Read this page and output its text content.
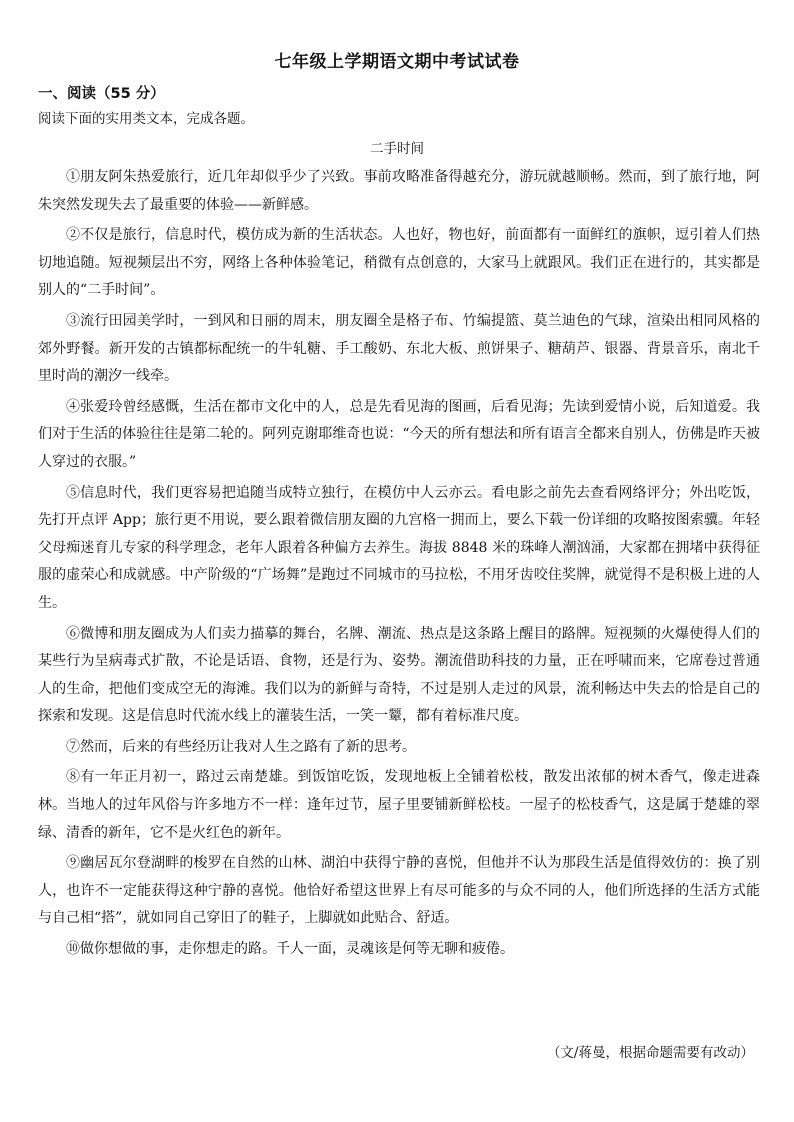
七年级上学期语文期中考试试卷
一、阅读（55 分）
阅读下面的实用类文本，完成各题。
二手时间

①朋友阿朱热爱旅行，近几年却似乎少了兴致。事前攻略准备得越充分，游玩就越顺畅。然而，到了旅行地，阿朱突然发现失去了最重要的体验——新鲜感。

②不仅是旅行，信息时代，模仿成为新的生活状态。人也好，物也好，前面都有一面鲜红的旗帜，逗引着人们热切地追随。短视频层出不穷，网络上各种体验笔记，稍微有点创意的，大家马上就跟风。我们正在进行的，其实都是别人的“二手时间”。

③流行田园美学时，一到风和日丽的周末，朋友圈全是格子布、竹编提篮、莫兰迪色的气球，渲染出相同风格的郊外野餐。新开发的古镇都标配统一的牛轧糖、手工酸奶、东北大板、煎饼果子、糖葫芦、银器、背景音乐，南北千里时尚的潮汐一线牵。

④张爱玲曾经感慨，生活在都市文化中的人，总是先看见海的图画，后看见海；先读到爱情小说，后知道爱。我们对于生活的体验往往是第二轮的。阿列克谢耶维奇也说：“今天的所有想法和所有语言全都来自别人，仿佛是昨天被人穿过的衣服。”

⑤信息时代，我们更容易把追随当成特立独行，在模仿中人云亦云。看电影之前先去查看网络评分；外出吃饭，先打开点评 App；旅行更不用说，要么跟着微信朋友圈的九宫格一拥而上，要么下载一份详细的攻略按图索骥。年轻父母痴迷育儿专家的科学理念，老年人跟着各种偏方去养生。海拔 8848 米的珠峰人潮汹涌，大家都在拥堵中获得征服的虚荣心和成就感。中产阶级的“广场舞”是跑过不同城市的马拉松，不用牙齿咬住奖牌，就觉得不是积极上进的人生。

⑥微博和朋友圈成为人们卖力描摹的舞台，名牌、潮流、热点是这条路上醒目的路牌。短视频的火爆使得人们的某些行为呈病毒式扩散，不论是话语、食物，还是行为、姿势。潮流借助科技的力量，正在呼啸而来，它席卷过普通人的生命，把他们变成空无的海滩。我们以为的新鲜与奇特，不过是别人走过的风景，流利畅达中失去的恰是自己的探索和发现。这是信息时代流水线上的灌装生活，一笑一颦，都有着标准尺度。

⑦然而，后来的有些经历让我对人生之路有了新的思考。

⑧有一年正月初一，路过云南楚雄。到饭馆吃饭，发现地板上全铺着松枝，散发出浓郁的树木香气，像走进森林。当地人的过年风俗与许多地方不一样：逢年过节，屋子里要铺新鲜松枝。一屋子的松枝香气，这是属于楚雄的翠绿、清香的新年，它不是火红色的新年。

⑨幽居瓦尔登湖畔的梭罗在自然的山林、湖泊中获得宁静的喜悦，但他并不认为那段生活是值得效仿的：换了别人，也许不一定能获得这种宁静的喜悦。他恰好希望这世界上有尽可能多的与众不同的人，他们所选择的生活方式能与自己相“搭”，就如同自己穿旧了的鞋子，上脚就如此贴合、舒适。

⑩做你想做的事，走你想走的路。千人一面，灵魂该是何等无聊和疲倦。

（文/蒋曼，根据命题需要有改动）
